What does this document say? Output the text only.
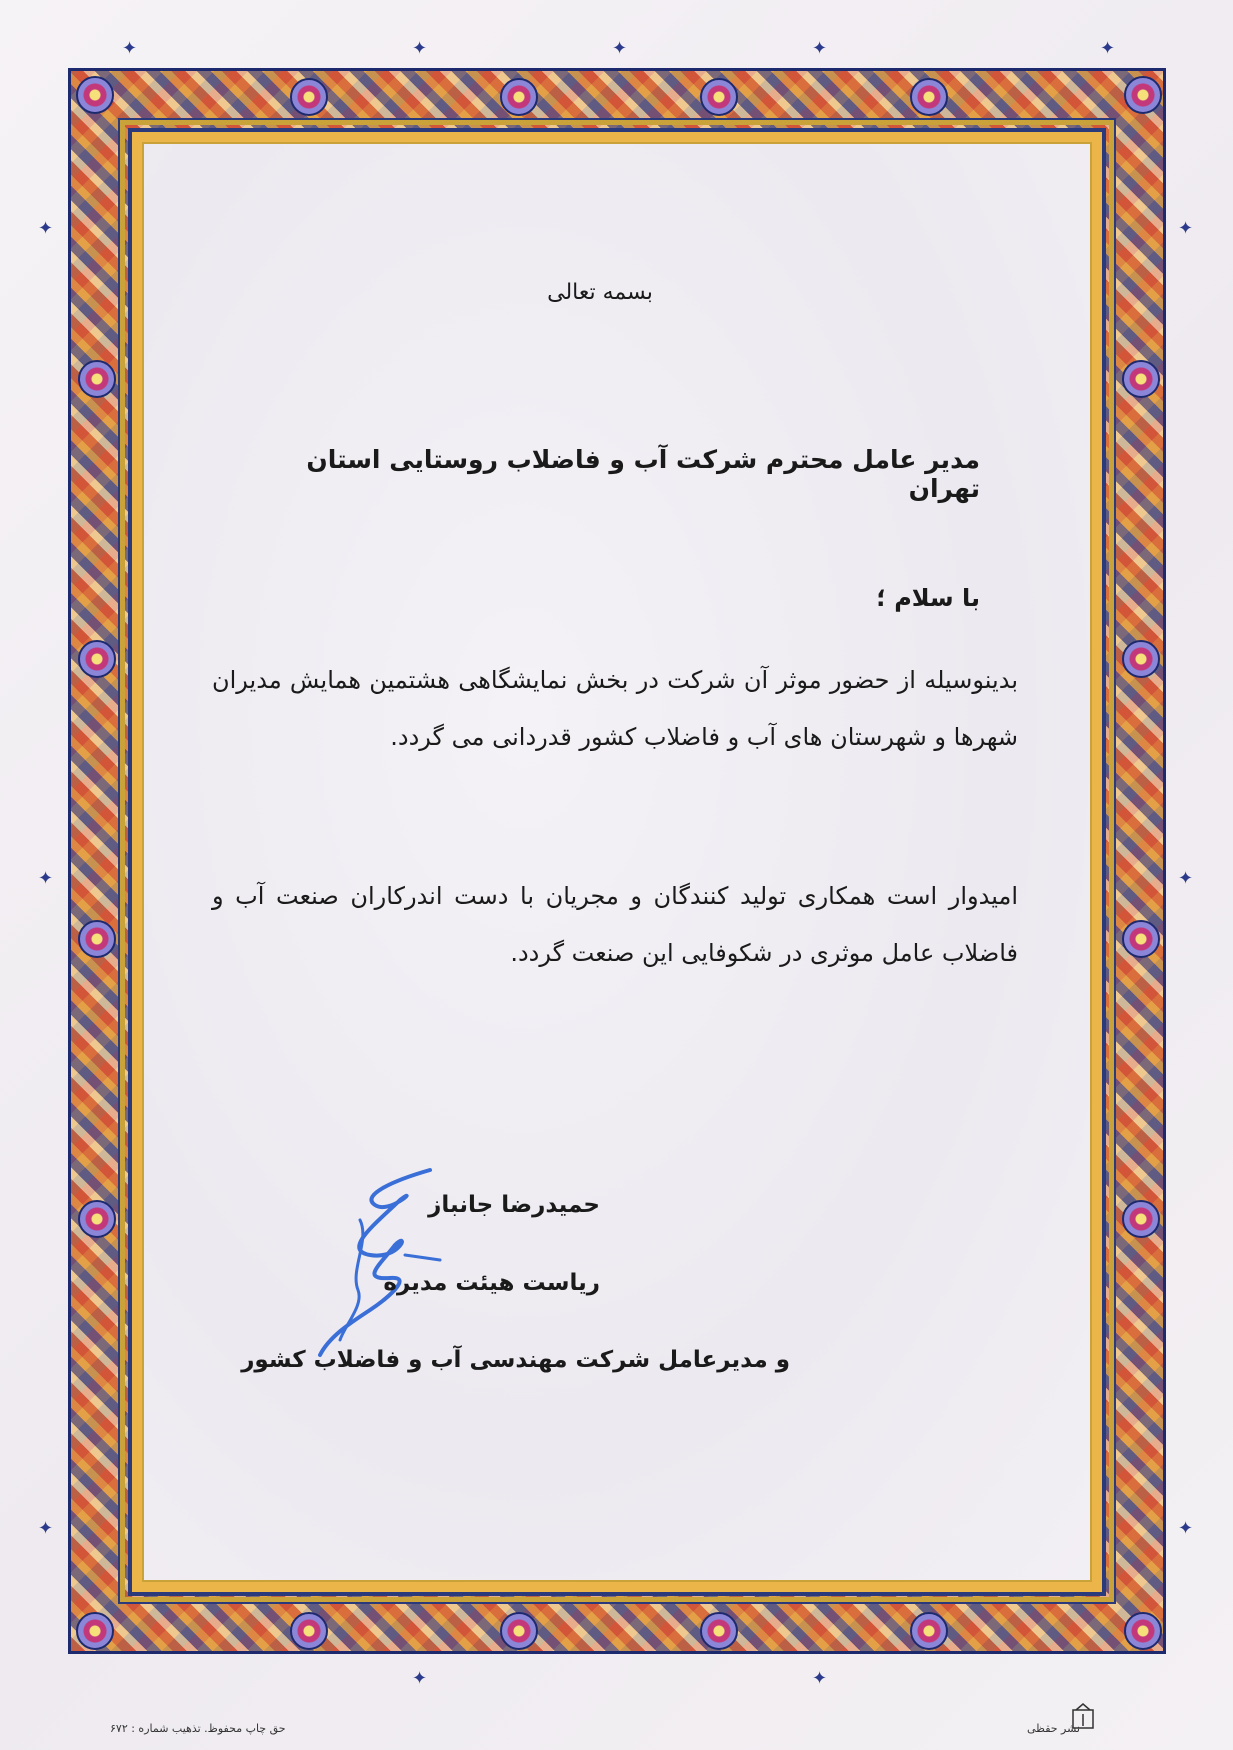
✦	✦	✦	✦	✦
✦
✦
✦
✦
✦
✦
✦	✦
بسمه تعالی
مدیر عامل محترم شرکت آب و فاضلاب روستایی استان تهران
با سلام ؛
بدینوسیله از حضور موثر آن شرکت در بخش نمایشگاهی هشتمین همایش مدیران شهرها و شهرستان های آب و فاضلاب کشور قدردانی می گردد.
امیدوار است همکاری تولید کنندگان و مجریان با دست اندرکاران صنعت آب و فاضلاب عامل موثری در شکوفایی این صنعت گردد.
حمیدرضا جانباز
ریاست هیئت مدیره
و مدیرعامل شرکت مهندسی آب و فاضلاب کشور
حق چاپ محفوظ. تذهیب شماره : ۶۷۲	نشر حقظی
